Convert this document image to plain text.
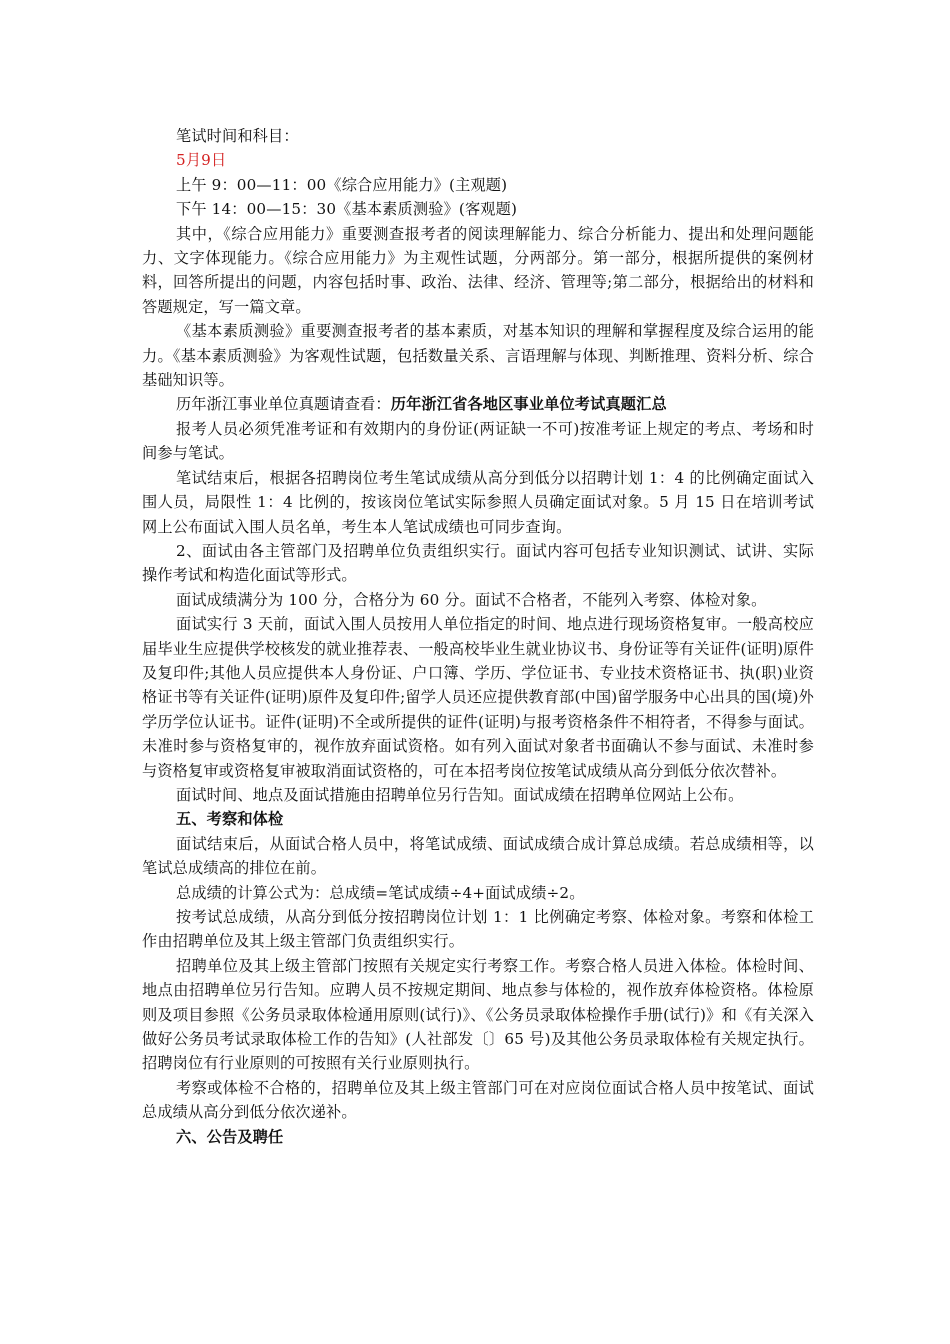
笔试时间和科目：

5月9日

上午 9：00—11：00《综合应用能力》(主观题)

下午 14：00—15：30《基本素质测验》(客观题)

其中，《综合应用能力》重要测查报考者的阅读理解能力、综合分析能力、提出和处理问题能力、文字体现能力。《综合应用能力》为主观性试题，分两部分。第一部分，根据所提供的案例材料，回答所提出的问题，内容包括时事、政治、法律、经济、管理等;第二部分，根据给出的材料和答题规定，写一篇文章。

《基本素质测验》重要测查报考者的基本素质，对基本知识的理解和掌握程度及综合运用的能力。《基本素质测验》为客观性试题，包括数量关系、言语理解与体现、判断推理、资料分析、综合基础知识等。

历年浙江事业单位真题请查看：历年浙江省各地区事业单位考试真题汇总

报考人员必须凭准考证和有效期内的身份证(两证缺一不可)按准考证上规定的考点、考场和时间参与笔试。

笔试结束后，根据各招聘岗位考生笔试成绩从高分到低分以招聘计划 1：4 的比例确定面试入围人员，局限性 1：4 比例的，按该岗位笔试实际参照人员确定面试对象。5 月 15 日在培训考试网上公布面试入围人员名单，考生本人笔试成绩也可同步查询。

2、面试由各主管部门及招聘单位负责组织实行。面试内容可包括专业知识测试、试讲、实际操作考试和构造化面试等形式。

面试成绩满分为 100 分，合格分为 60 分。面试不合格者，不能列入考察、体检对象。

面试实行 3 天前，面试入围人员按用人单位指定的时间、地点进行现场资格复审。一般高校应届毕业生应提供学校核发的就业推荐表、一般高校毕业生就业协议书、身份证等有关证件(证明)原件及复印件;其他人员应提供本人身份证、户口簿、学历、学位证书、专业技术资格证书、执(职)业资格证书等有关证件(证明)原件及复印件;留学人员还应提供教育部(中国)留学服务中心出具的国(境)外学历学位认证书。证件(证明)不全或所提供的证件(证明)与报考资格条件不相符者，不得参与面试。未准时参与资格复审的，视作放弃面试资格。如有列入面试对象者书面确认不参与面试、未准时参与资格复审或资格复审被取消面试资格的，可在本招考岗位按笔试成绩从高分到低分依次替补。

面试时间、地点及面试措施由招聘单位另行告知。面试成绩在招聘单位网站上公布。

五、考察和体检

面试结束后，从面试合格人员中，将笔试成绩、面试成绩合成计算总成绩。若总成绩相等，以笔试总成绩高的排位在前。

总成绩的计算公式为：总成绩=笔试成绩÷4+面试成绩÷2。

按考试总成绩，从高分到低分按招聘岗位计划 1：1 比例确定考察、体检对象。考察和体检工作由招聘单位及其上级主管部门负责组织实行。

招聘单位及其上级主管部门按照有关规定实行考察工作。考察合格人员进入体检。体检时间、地点由招聘单位另行告知。应聘人员不按规定期间、地点参与体检的，视作放弃体检资格。体检原则及项目参照《公务员录取体检通用原则(试行)》、《公务员录取体检操作手册(试行)》和《有关深入做好公务员考试录取体检工作的告知》(人社部发〔〕65 号)及其他公务员录取体检有关规定执行。招聘岗位有行业原则的可按照有关行业原则执行。

考察或体检不合格的，招聘单位及其上级主管部门可在对应岗位面试合格人员中按笔试、面试总成绩从高分到低分依次递补。

六、公告及聘任
